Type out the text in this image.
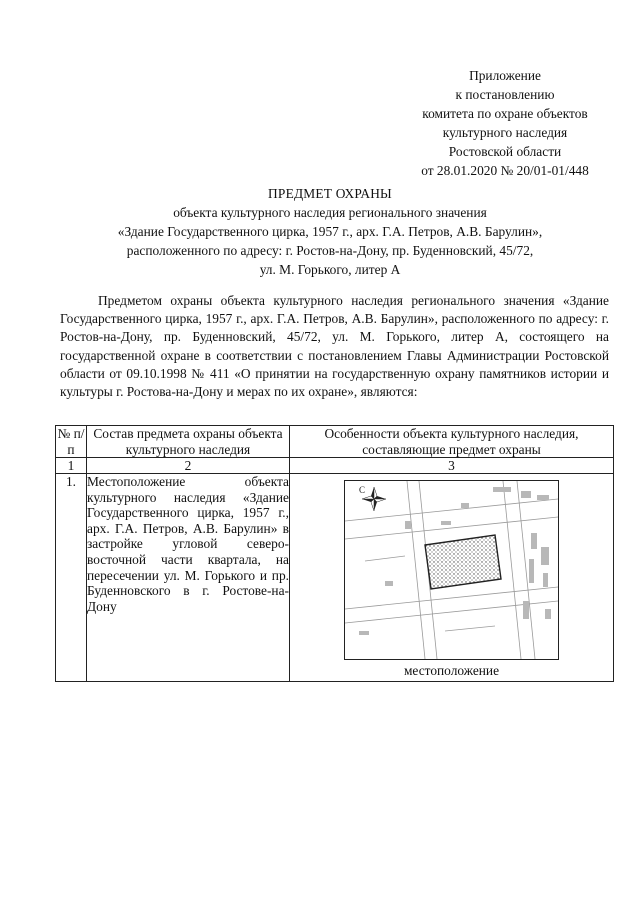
Приложение
к постановлению
комитета по охране объектов
культурного наследия
Ростовской области
от 28.01.2020 № 20/01-01/448
ПРЕДМЕТ ОХРАНЫ
объекта культурного наследия регионального значения
«Здание Государственного цирка, 1957 г., арх. Г.А. Петров, А.В. Барулин»,
расположенного по адресу: г. Ростов-на-Дону, пр. Буденновский, 45/72,
ул. М. Горького, литер А
Предметом охраны объекта культурного наследия регионального значения «Здание Государственного цирка, 1957 г., арх. Г.А. Петров, А.В. Барулин», расположенного по адресу: г. Ростов-на-Дону, пр. Буденновский, 45/72, ул. М. Горького, литер А, состоящего на государственной охране в соответствии с постановлением Главы Администрации Ростовской области от 09.10.1998 № 411 «О принятии на государственную охрану памятников истории и культуры г. Ростова-на-Дону и мерах по их охране», являются:
№ п/п	Состав предмета охраны объекта культурного наследия	Особенности объекта культурного наследия, составляющие предмет охраны
1	2	3
1.	Местоположение объекта культурного наследия «Здание Государственного цирка, 1957 г., арх. Г.А. Петров, А.В. Барулин» в застройке угловой северо-восточной части квартала, на пересечении ул. М. Горького и пр. Буденновского в г. Ростове-на-Дону	С
местоположение
